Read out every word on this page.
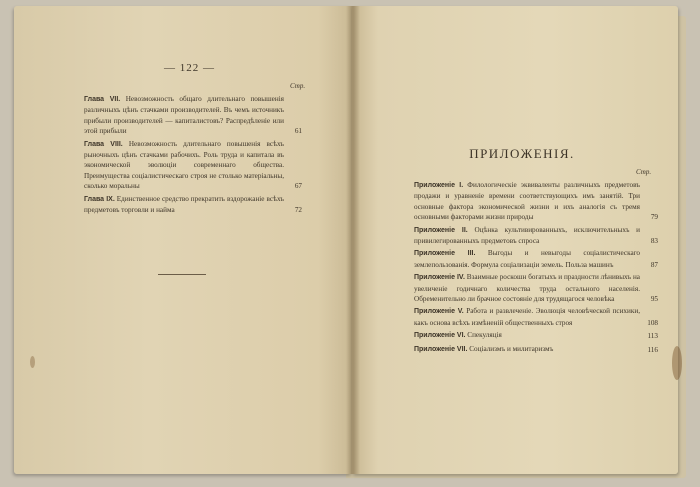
— 122 —
Стр.
Глава VII. Невозможность общаго длительнаго повышенія различныхъ цѣнъ стачками производителей. Въ чемъ источникъ прибыли производителей — капиталистовъ? Распредѣленіе или этой прибыли	61
Глава VIII. Невозможность длительнаго повышенія всѣхъ рыночныхъ цѣнъ стачками рабочихъ. Роль труда и капитала въ экономической эволюціи современнаго общества. Преимущества соціалистическаго строя не столько матеріальны, сколько моральны	67
Глава IX. Единственное средство прекратить вздорожаніе всѣхъ предметовъ торговли и найма	72
ПРИЛОЖЕНІЯ.
Стр.
Приложеніе I. Филологическіе эквиваленты различныхъ предметовъ продажи и уравненіе времени соответствующихъ имъ занятій. Три основные фактора экономической жизни и ихъ аналогія съ тремя основными факторами жизни природы	79
Приложеніе II. Оцѣнка культивированныхъ, исключительныхъ и привилегированныхъ предметовъ спроса	83
Приложеніе III. Выгоды и невыгоды соціалистическаго землепользованія. Формула соціализаціи земель. Польза машинъ	87
Приложеніе IV. Взаимные роскошн богатыхъ и праздности лѣнивыхъ на увеличеніе годичнаго количества труда остального населенія. Обременительно ли брачное состояніе для трудящагося человѣка	95
Приложеніе V. Работа и развлеченіе. Эволюція человѣческой психики, какъ основа всѣхъ измѣненій общественныхъ строя	108
Приложеніе VI. Спекуляція	113
Приложеніе VII. Соціализмъ и милитаризмъ	116
